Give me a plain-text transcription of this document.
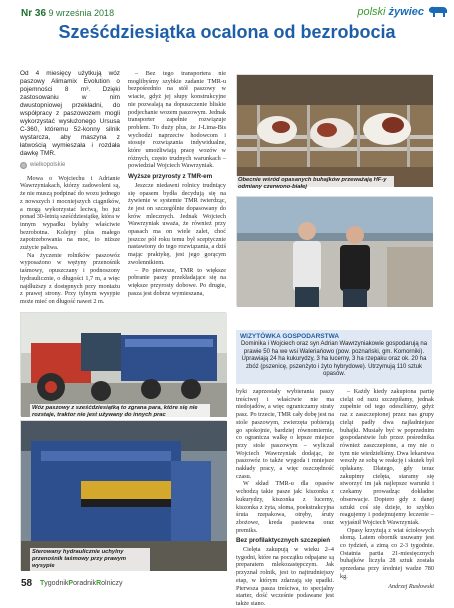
Nr 36 9 września 2018	polski żywiec
Sześćdziesiątka ocalona od bezrobocia

Od 4 miesięcy użytkują wóz paszowy Alimamix Evolution o pojemności 8 m³. Dzięki zastosowaniu w nim dwustopniowej przekładni, do współpracy z paszowozem mogli wykorzystać wysłużonego Ursusa C-360, któremu 52-konny silnik wystarcza, aby maszyna z łatwością wymieszała i rozdała dawkę TMR.

wielkopolskie

Mowa o Wojciechu i Adrianie Wawrzyniakach, którzy zadowoleni są, że nie muszą podpinać do wozu jednego z nowszych i mocniejszych ciągników, a mogą wykorzystać leciwą, bo już ponad 30-letnią sześćdziesiątkę, która w innym wypadku byłaby właściwie bezrobotna. Kolejny plus małego zapotrzebowania na moc, to niższe zużycie paliwa.

Na życzenie rolników paszowóz wyposażono w wężyny przenośnik taśmowy, opuszczany i podnoszony hydraulicznie, o długości 1,7 m, a więc najdłuższy z dostępnych przy montażu z prawej strony. Przy tylnym wysypie może mieć on długość nawet 2 m.

– Bez tego transportera nie moglibyśmy szybkie zadanie TMR-u bezpośrednio na stół paszowy w wiacie, gdyż jej słupy konstrukcyjne nie pozwalają na dopuszczenie bliskie podjechanie wozem paszowym. Jednak transporter zapełnie rozwiązuje problem. To duży plus, że J-Lima-Bis wychodzi naprzeciw hodowcom i stosuje rozwiązania indywidualne, które umożliwiają pracę wozów w różnych, często trudnych warunkach – powiedział Wojciech Wawrzyniak.

Wyższe przyrosty z TMR-em

Jeszcze niedawni rolnicy trudniący się opasem bydła decydują się na żywienie w systemie TMR twierdząc, że jest on szczególnie dopasowany do krów mlecznych. Jednak Wojciech Wawrzyniak uważa, że również przy opasach ma on wiele zalet, choć jeszcze pół roku temu był sceptycznie nastawiony do tego rozwiązania, a dziś mając praktykę, jest jego gorącym zwolennikiem.

– Po pierwsze, TMR to większe pobranie paszy przekładające się na większe przyrosty dobowe. Po drugie, pasza jest dobrze wymieszana,

Obecnie wśród opasanych buhajków przeważają HF-y odmiany czerwono-białej
WIZYTÓWKA GOSPODARSTWA
Dominika i Wojciech oraz syn Adrian Wawrzyniakowie gospodarują na prawie 50 ha we wsi Waleriańowo (pow. poznański, gm. Komorniki). Uprawiają 24 ha kukurydzy, 3 ha lucerny, 3 ha rzepaku oraz ok. 20 ha zbóż (pszenicę, pszenżyto i żyto hybrydowe). Utrzymują 110 sztuk opasów.
Wóz paszowy z sześćdziesiątką to zgrana para, które się nie rozstaje, traktor nie jest używany do innych prac
Sterowany hydraulicznie uchylny przenośnik taśmowy przy prawym wysypie

byki zaprzestały wybierania paszy treściwej i właściwie nie ma niedojadów, a więc ograniczamy straty pasz. Po trzecie, TMR cały dobę jest na stole paszowym, zwierzęta pobierają go spokojnie, bardziej równomiernie, co ogranicza walkę o lepsze miejsce przy stole paszowym – wyliczał Wojciech Wawrzyniak dodając, że paszowóz to także wygoda i mniejsze nakłady pracy, a więc oszczędność czasu.

W skład TMR-u dla opasów wchodzą takie pasze jak: kiszonka z kukurydzy, kiszonka z lucerny, kiszonka z żyta, słoma, poekstrakcyjna śruta rzepakowa, otręby, śruty zbożowe, kreda pastewna oraz premiks.

Bez profilaktycznych szczepień

Cielęta zakupują w wieku 2–4 tygodni, które na początku odpajane są preparatem mlekozastępczym. Jak przyznał rolnik, jest to najtrudniejszy etap, w którym zdarzają się upadki. Pierwsza pasza treściwa, to specjalny starter, dość wcześnie podawane jest także siano.

– Każdy kiedy zakupiona partię cieląt od razu szczepiłamy, jednak zupełnie od tego odeszliśmy, gdyż raz z zaszczepionej przez nas grupy cieląt padły dwa najładniejsze buhajki. Musiały być w poprzednim gospodarstwie lub przez pośrednika również zaszczepione, a my nie o tym nie wiedzieliśmy. Dwa lekarstwa weszły ze sobą w reakcję i skutek był opłakany. Dlatego, gdy teraz zakupimy cielęta, staramy się stworzyć im jak najlepsze warunki i czekamy prowadząc dokładne obserwacje. Dopiero gdy z danej sztuki coś się dzieje, to szybko reagujemy i podejmujemy leczenie – wyjaśnił Wojciech Wawrzyniak.

Opasy krzyżują z wiat ściołowych słomą. Latem obornik usuwany jest co tydzień, a zimą co 2-3 tygodnie. Ostatnia partia 21-miesięcznych buhajków liczyła 28 sztuk została sprzedana przy średniej wadze 780 kg.

Andrzej Rusłowski

58 TygodnikPoradnikRolniczy
